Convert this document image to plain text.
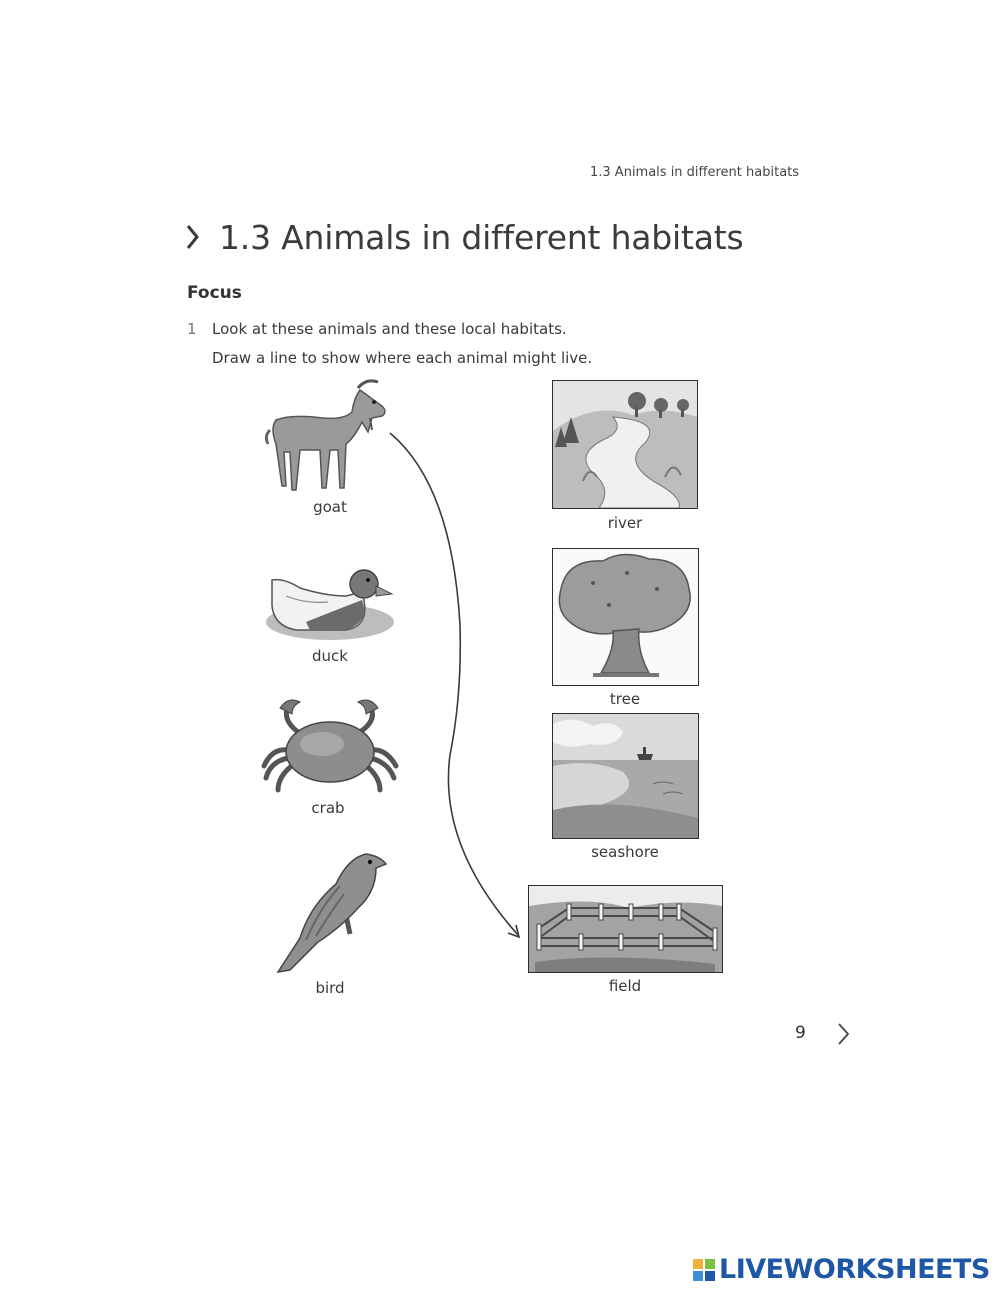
1.3 Animals in different habitats
1.3 Animals in different habitats
Focus
1 Look at these animals and these local habitats.
Draw a line to show where each animal might live.
goat
duck
crab
bird
river
tree
seashore
field
9
LIVEWORKSHEETS
